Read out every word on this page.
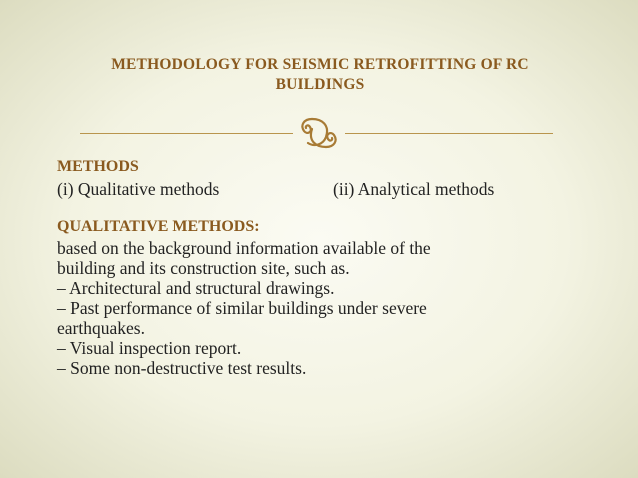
METHODOLOGY FOR SEISMIC RETROFITTING OF RC
BUILDINGS
METHODS
(i) Qualitative methods	(ii) Analytical methods
QUALITATIVE METHODS:
based on the background information available of the
building and its construction site, such as.
– Architectural and structural drawings.
– Past performance of similar buildings under severe
earthquakes.
– Visual inspection report.
– Some non-destructive test results.
